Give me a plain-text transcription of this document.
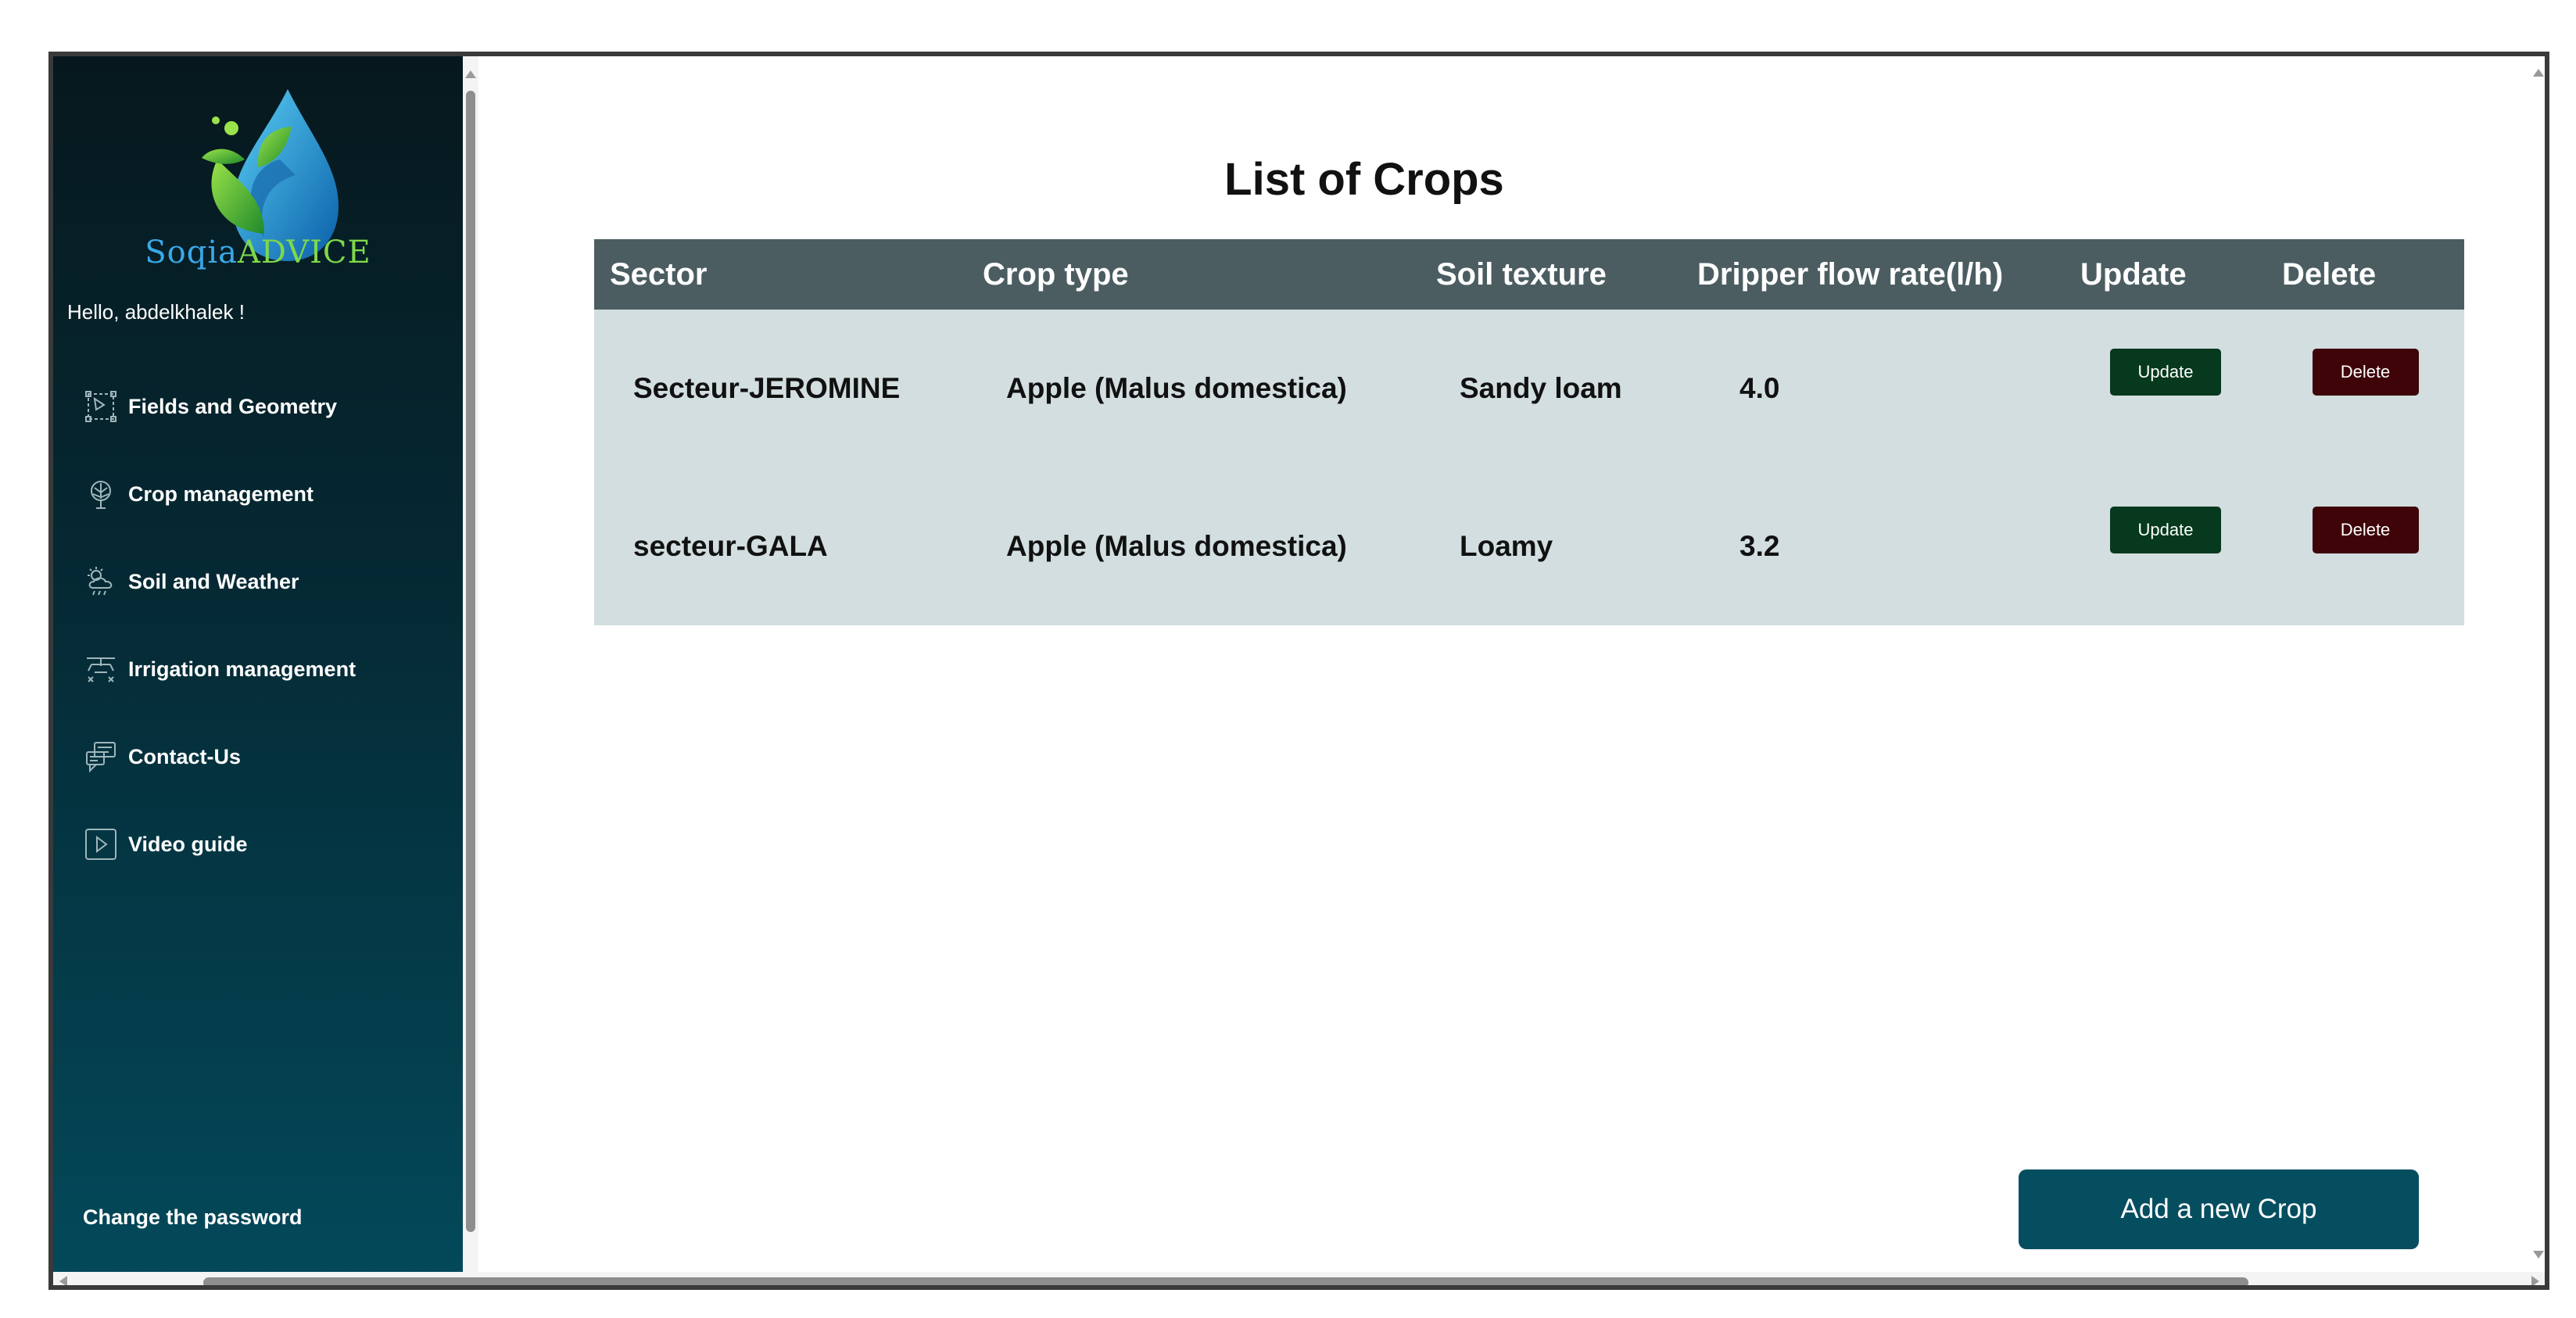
SoqiaADVICE
Hello, abdelkhalek !
Fields and Geometry
Crop management
Soil and Weather
Irrigation management
Contact-Us
Video guide
Change the password
List of Crops
Sector	Crop type	Soil texture	Dripper flow rate(l/h)	Update	Delete
Secteur-JEROMINE	Apple (Malus domestica)	Sandy loam	4.0	Update	Delete
secteur-GALA	Apple (Malus domestica)	Loamy	3.2	Update	Delete
Add a new Crop
